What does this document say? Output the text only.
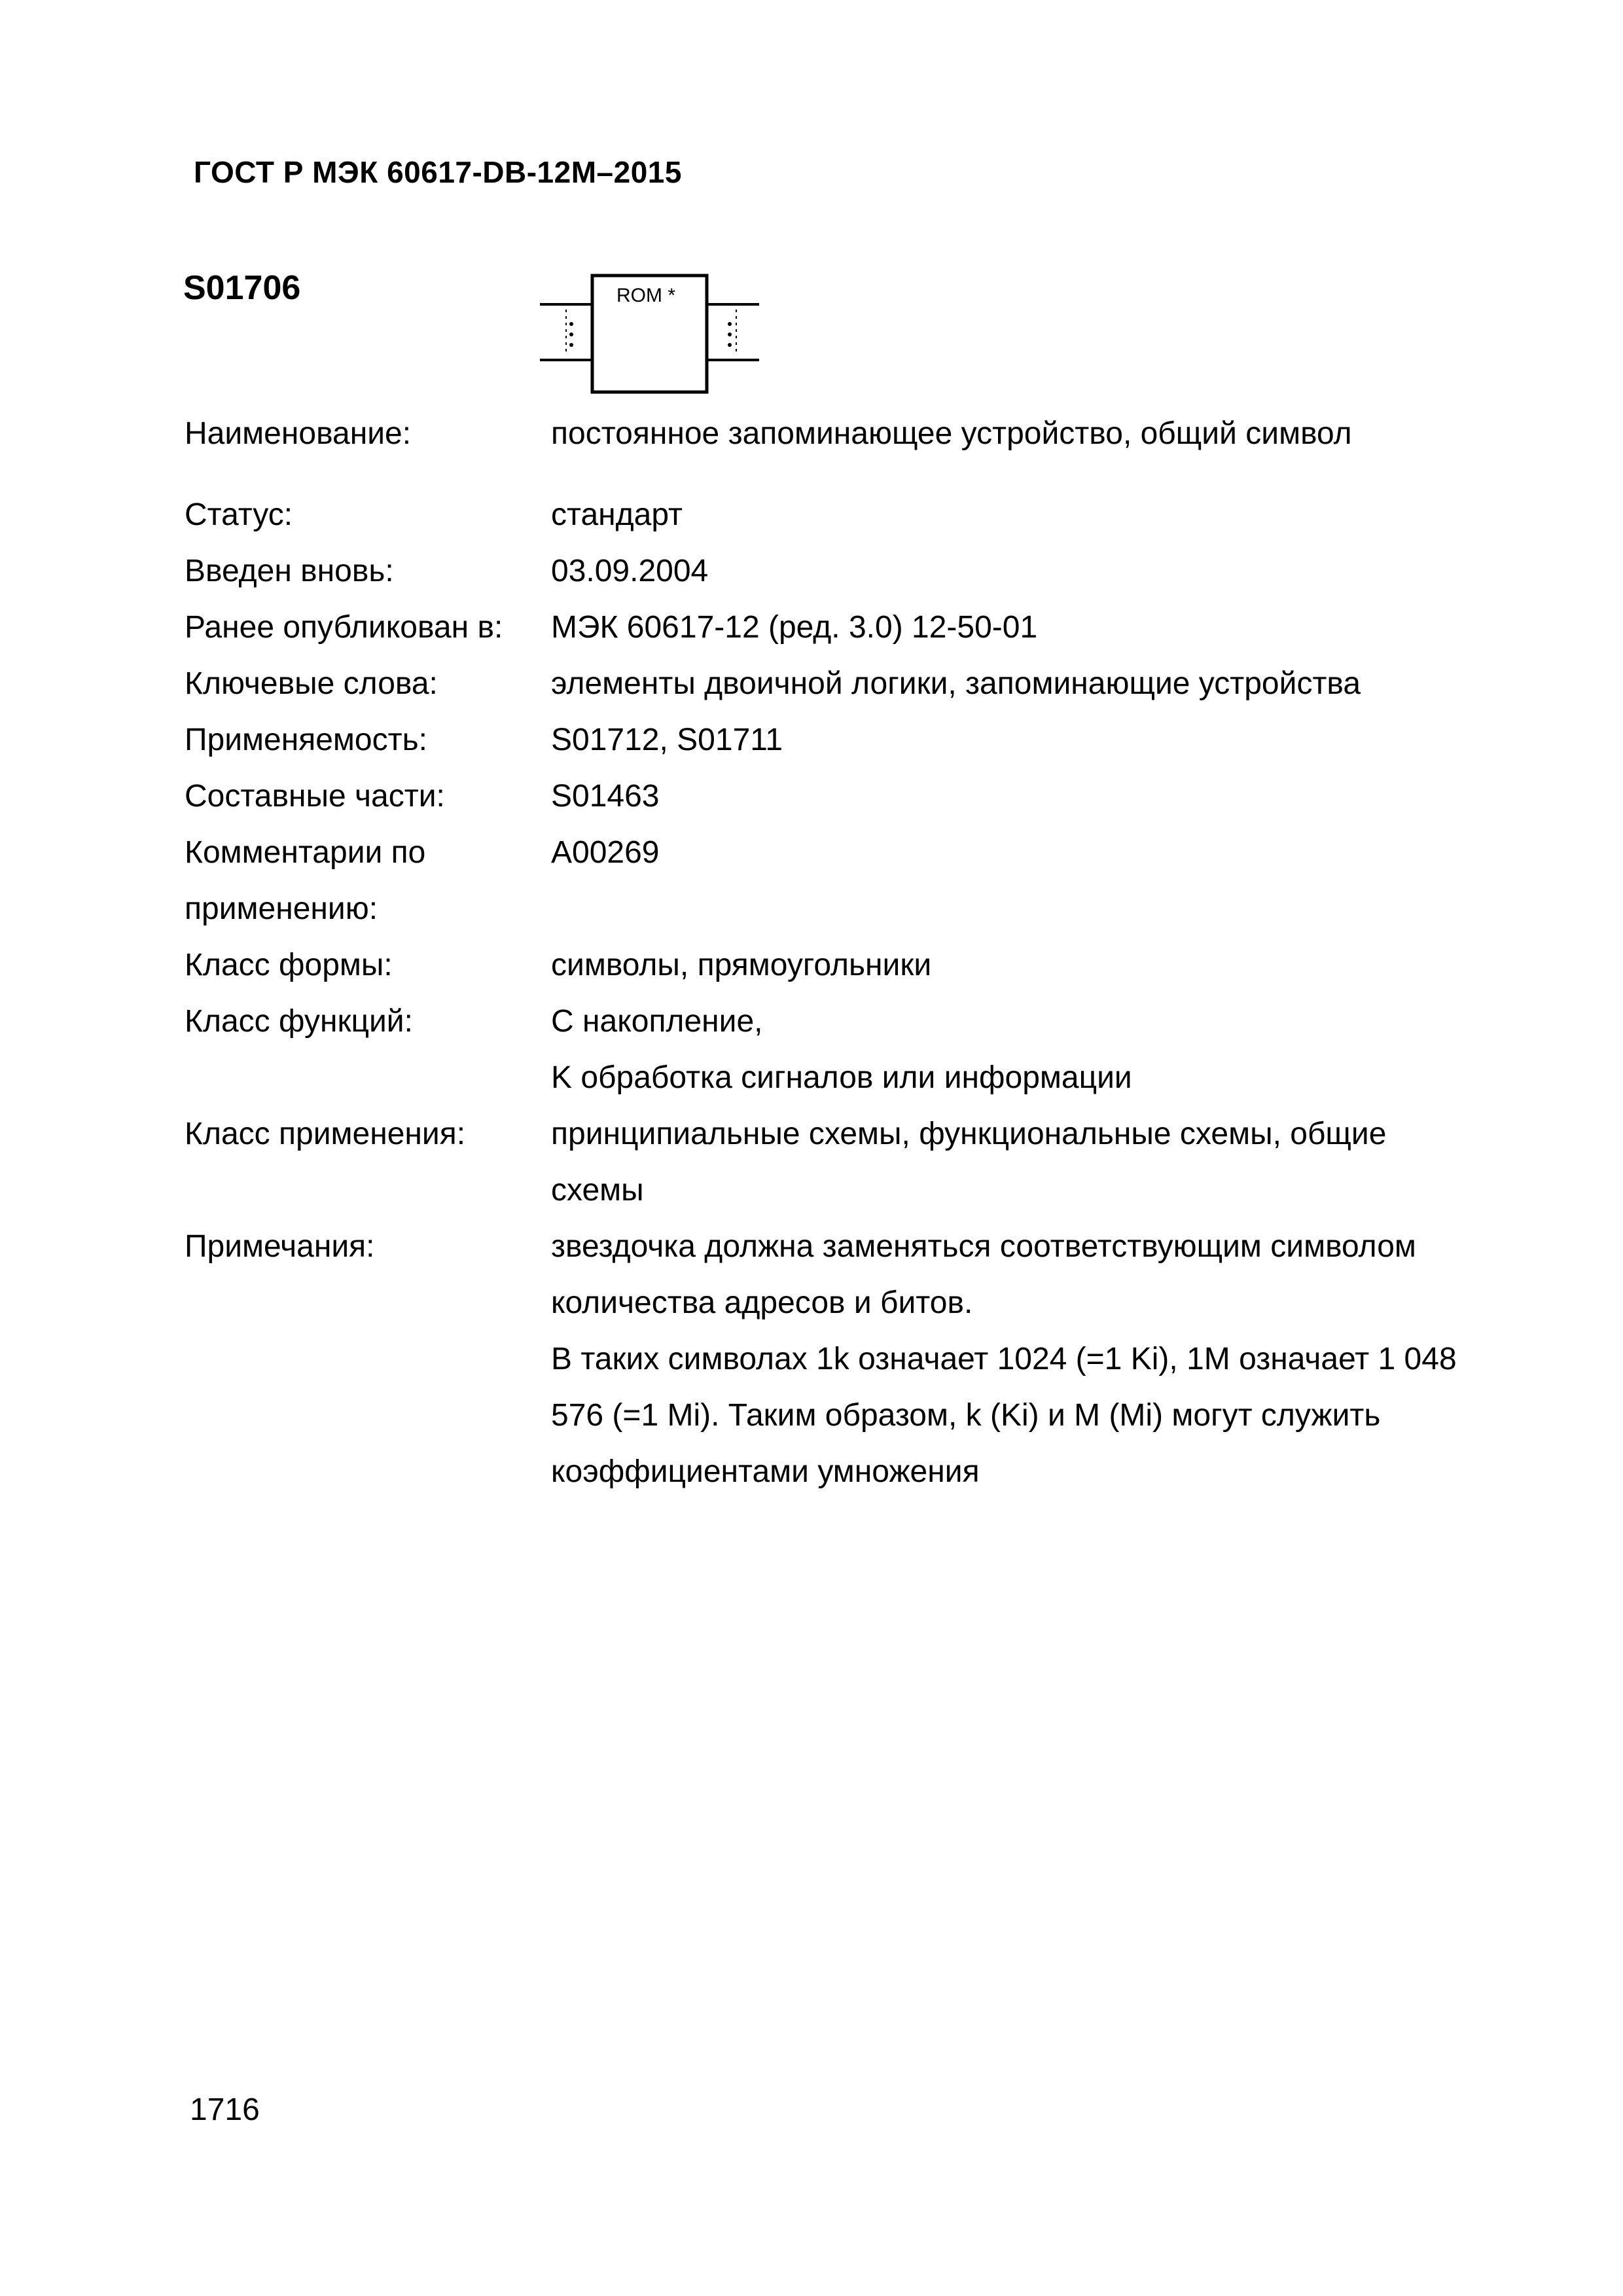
ГОСТ Р МЭК 60617-DB-12M–2015
S01706	ROM *
Наименование:	постоянное запоминающее устройство, общий символ
Статус:	стандарт
Введен вновь:	03.09.2004
Ранее опубликован в:	МЭК 60617-12 (ред. 3.0) 12-50-01
Ключевые слова:	элементы двоичной логики, запоминающие устройства
Применяемость:	S01712, S01711
Составные части:	S01463
Комментарии по применению:
A00269
Класс формы:	символы, прямоугольники
Класс функций:	C накопление,
K обработка сигналов или информации
Класс применения:	принципиальные схемы, функциональные схемы, общие схемы
Примечания:	звездочка должна заменяться соответствующим символом количества адресов и битов.
В таких символах 1k означает 1024 (=1 Ki), 1M означает 1 048 576 (=1 Mi). Таким образом, k (Ki) и M (Mi) могут служить коэффициентами умножения
1716
